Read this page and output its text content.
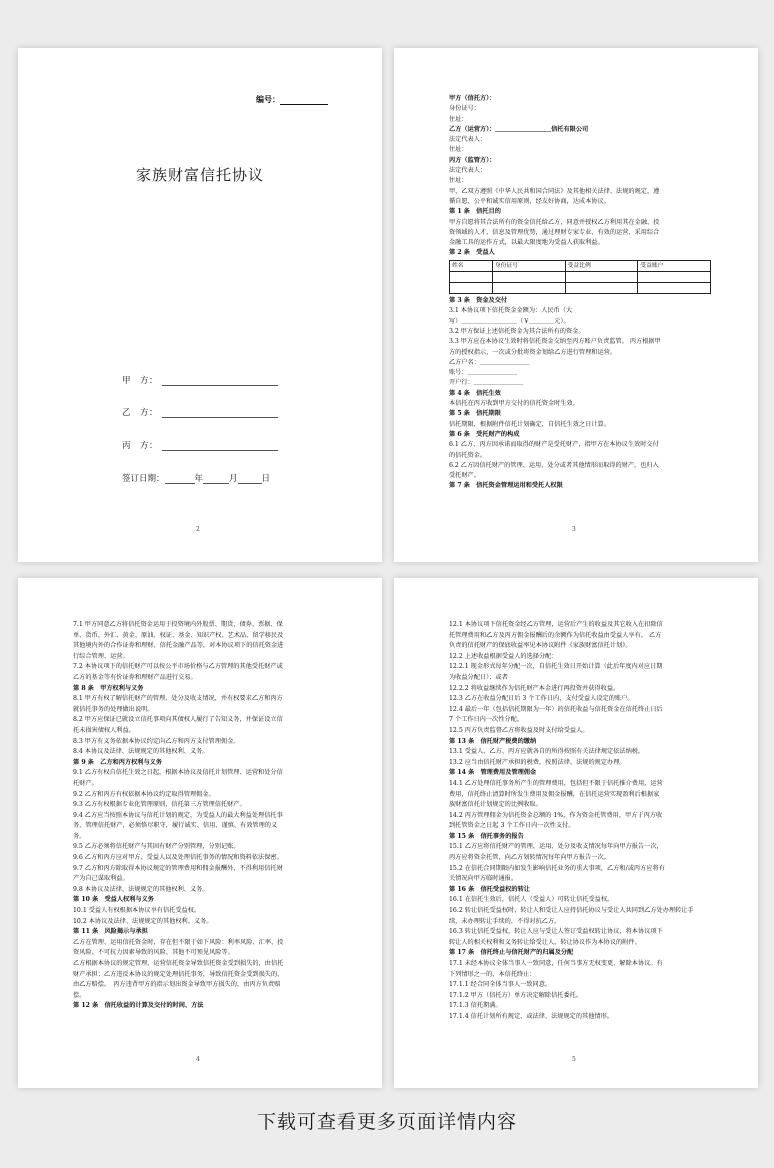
编号：
家族财富信托协议
甲　方：
乙　方：
丙　方：
签订日期：	年	月	日
2
甲方（信托方）：
身份证号：
住址：
乙方（运营方）：＿＿＿＿＿＿＿＿＿信托有限公司
法定代表人：
住址：
丙方（监管方）：
法定代表人：
住址：
甲、乙双方遵照《中华人民共和国合同法》及其他相关法律、法规的规定，遵
循自愿、公平和诚实信用原则，经友好协商，达成本协议。
第 1 条　信托目的
甲方自愿将其合法所有的资金信托给乙方，同意并授权乙方利用其在金融、投
资领域的人才、信息及管理优势，通过理财专家专业、有效的运营，采用综合
金融工具的运作方式，以最大限度地为受益人获取利益。
第 2 条　受益人
姓名	身份证号	受益比例	受益账户

第 3 条　资金及交付
3.1 本协议项下信托资金金额为：人民币（大
写）＿＿＿＿＿＿＿＿＿（￥＿＿＿＿元）。
3.2 甲方保证上述信托资金为其合法所有的资金。
3.3 甲方应在本协议生效时将信托资金交纳至丙方账户负责监管。 丙方根据甲
方的授权指示，一次或分批将资金划给乙方进行管理和运营。
乙方户名：＿＿＿＿＿＿＿＿
账号：＿＿＿＿＿＿＿＿
开户行：＿＿＿＿＿＿＿＿
第 4 条　信托生效
本信托在丙方收到甲方交付的信托资金时生效。
第 5 条　信托期限
信托期限，根据附件信托计划确定，自信托生效之日计算。
第 6 条　受托财产的构成
6.1 乙方、丙方因承诺而取得的财产是受托财产，指甲方在本协议生效时交付
的信托资金。
6.2 乙方因信托财产的管理、运用、处分或者其他情形而取得的财产，也归入
受托财产。
第 7 条　信托资金管理运用和受托人权限
3
7.1 甲方同意乙方将信托资金运用于投资境内外股票、期货、债券、票据、保
单、货币、外汇、黄金、原油、权证、基金、知识产权、艺术品、留学移民及
其他境内外的合作证券和理财、信托金融产品等，对本协议项下的信托资金进
行综合管理、运营。
7.2 本协议项下的信托财产可以按公平市场价格与乙方管理的其他受托财产或
乙方的基金等有价证券和理财产品进行交易。
第 8 条　甲方权利与义务
8.1 甲方有权了解信托财产的管理、处分及收支情况，并有权要求乙方和丙方
就信托事务的处理做出说明。
8.2 甲方应保证已就设立信托事项向其债权人履行了告知义务，并保证设立信
托未损害债权人利益。
8.3 甲方有义务依据本协议约定向乙方和丙方支付管理佣金。
8.4 本协议及法律、法规规定的其他权利、义务。
第 9 条　乙方和丙方权利与义务
9.1 乙方有权自信托生效之日起，根据本协议及信托计划管理、运营和处分信
托财产。
9.2 乙方和丙方有权依据本协议约定取得管理佣金。
9.3 乙方有权根据专业化管理原则，信托第三方管理信托财产。
9.4 乙方应当按照本协议与信托计划的规定，为受益人的最大利益处理信托事
务，管理信托财产，必须恪尽职守，履行诚实、信用、谨慎、有效管理的义
务。
9.5 乙方必须将信托财产与其固有财产分别管理，分别记账。
9.6 乙方和丙方应对甲方、受益人以及处理信托事务的情况和资料依法保密。
9.7 乙方和丙方除取得本协议规定的管理费用和佣金报酬外，不得利用信托财
产为自己谋取利益。
9.8 本协议及法律、法规规定的其他权利、义务。
第 10 条　受益人权利与义务
10.1 受益人有权根据本协议享有信托受益权。
10.2 本协议及法律、法规规定的其他权利、义务。
第 11 条　风险揭示与承担
乙方在管理、运用信托资金时，存在但不限于如下风险：利率风险、汇率、投
资风险、不可抗力因素导致的风险、其他不可预见风险等。
乙方根据本协议的规定管理、运营信托资金导致信托资金受到损失的，由信托
财产承担；乙方违反本协议的规定处理信托事务，导致信托资金受到损失的，
由乙方赔偿。　丙方违背甲方的指示划出资金导致甲方损失的，由丙方负责赔
偿。
第 12 条　信托收益的计算及交付的时间、方法
4
12.1 本协议项下信托资金经乙方管理，运营后产生的收益及其它收入在扣除信
托管理费用和乙方及丙方佣金报酬后的余额作为信托收益由受益人享有。 乙方
负责的信托财产的保底收益率见本协议附件《家族财富信托计划》。
12.2 上述收益根据受益人的选择分配：
12.2.1 现金形式每年分配一次，自信托生效日开始计算（此后年度内对应日期
为收益分配日）；或者
12.2.2 将收益继续作为信托财产本金进行再投资并获得收益。
12.3 乙方在收益分配日后 3 个工作日内，支付受益人设定的账户。
12.4 最后一年（包括信托期限为一年）的信托收益与信托资金在信托终止日后
7 个工作日内一次性分配。
12.5 丙方负责监督乙方将收益及时支付给受益人。
第 13 条　信托财产税费的缴纳
13.1 受益人、乙方、丙方应就各自的所得按照有关法律规定依法纳税。
13.2 应当由信托财产承担的税费，按照法律、法规的规定办理。
第 14 条　管理费用及管理佣金
14.1 乙方处理信托事务所产生的管理费用，包括但不限于信托推介费用，运营
费用，信托终止清算时所发生费用及佣金报酬，在信托运营实现盈利后根据家
族财富信托计划规定的比例收取。
14.2 丙方管理佣金为信托资金总额的 1%，作为资金托管费用，甲方于丙方收
到托管资金之日起 3 个工作日内一次性支付。
第 15 条　信托事务的报告
15.1 乙方应将信托财产的管理、运用、处分及收支情况每年向甲方报告一次，
丙方应将资金托管，向乙方划转情况每年向甲方报告一次。
15.2 在信托合同期限内如发生影响信托业务的重大事项，乙方和/或丙方应将有
关情况向甲方临时通报。
第 16 条　信托受益权的转让
16.1 在信托生效后，信托人（受益人）可转让信托受益权。
16.2 转让信托受益权时，转让人和受让人应持信托协议与受让人共同到乙方处办理转让手
续，未办理转让手续的，不得对抗乙方。
16.3 转让信托受益权，转让人应与受让人签订受益权转让协议，将本协议项下
转让人的相关权利和义务转让给受让人，转让协议作为本协议的附件。
第 17 条　信托终止与信托财产的归属及分配
17.1 未经本协议全体当事人一致同意，任何当事方无权变更、解除本协议。有
下列情形之一的，本信托终止：
17.1.1 经合同全体当事人一致同意。
17.1.2 甲方（信托方）单方决定解除信托委托。
17.1.3 信托期满。
17.1.4 信托计划所有规定、或法律、法规规定的其他情形。
5
下载可查看更多页面详情内容
